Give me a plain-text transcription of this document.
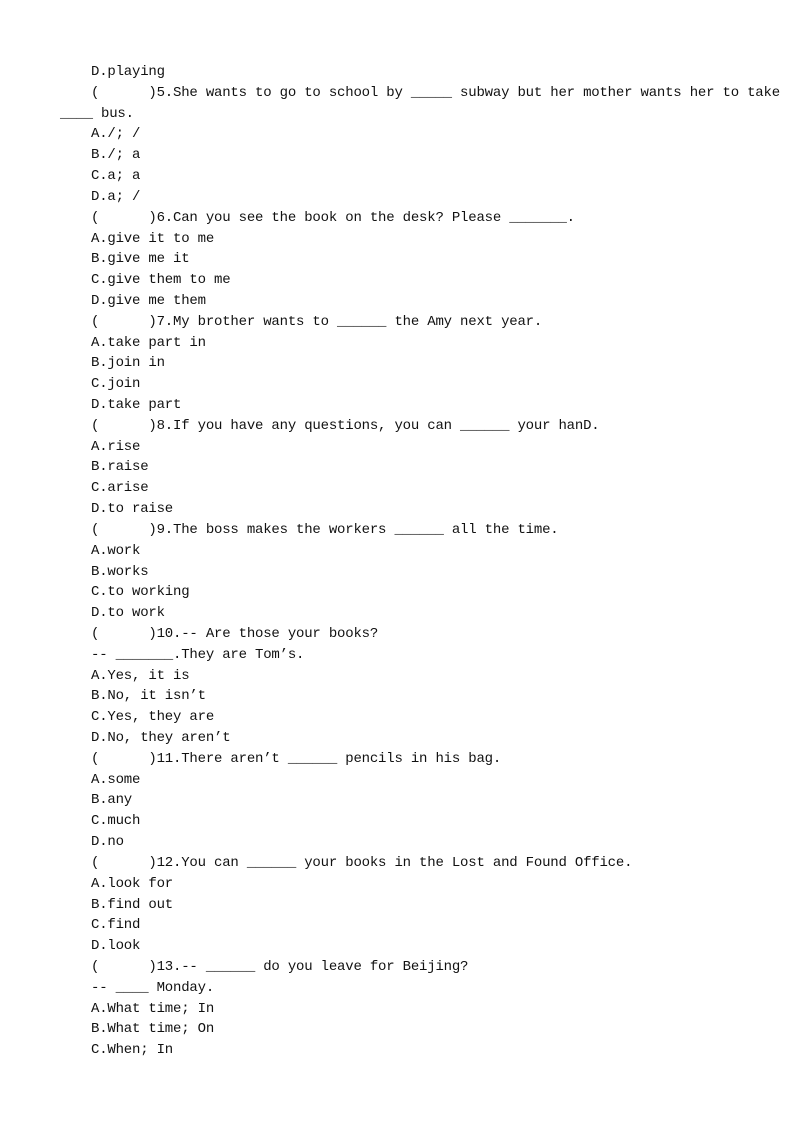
D.playing
(      )5.She wants to go to school by _____ subway but her mother wants her to take
____ bus.
A./; /
B./; a
C.a; a
D.a; /
(      )6.Can you see the book on the desk? Please _______.
A.give it to me
B.give me it
C.give them to me
D.give me them
(      )7.My brother wants to ______ the Amy next year.
A.take part in
B.join in
C.join
D.take part
(      )8.If you have any questions, you can ______ your hanD.
A.rise
B.raise
C.arise
D.to raise
(      )9.The boss makes the workers ______ all the time.
A.work
B.works
C.to working
D.to work
(      )10.-- Are those your books?
-- _______.They are Tom’s.
A.Yes, it is
B.No, it isn’t
C.Yes, they are
D.No, they aren’t
(      )11.There aren’t ______ pencils in his bag.
A.some
B.any
C.much
D.no
(      )12.You can ______ your books in the Lost and Found Office.
A.look for
B.find out
C.find
D.look
(      )13.-- ______ do you leave for Beijing?
-- ____ Monday.
A.What time; In
B.What time; On
C.When; In
